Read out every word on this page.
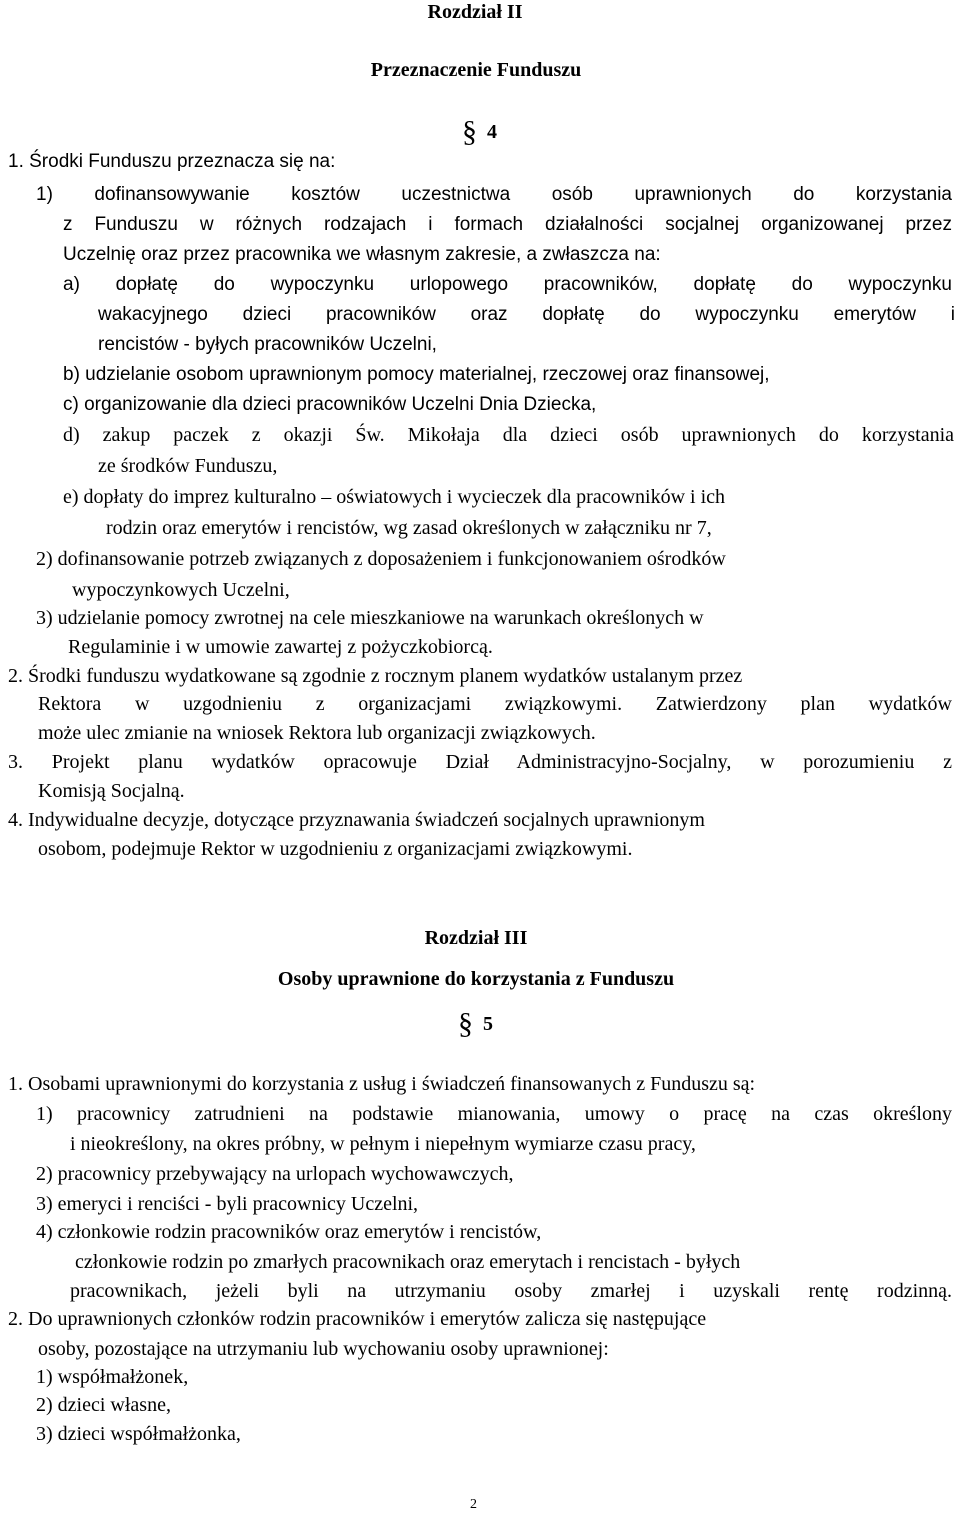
Rozdział II
Przeznaczenie Funduszu
§ 4
1. Środki Funduszu przeznacza się na:
1) dofinansowywanie kosztów uczestnictwa osób uprawnionych do korzystania
z Funduszu w różnych rodzajach i formach działalności socjalnej organizowanej przez
Uczelnię oraz przez pracownika we własnym zakresie, a zwłaszcza na:
a) dopłatę do wypoczynku urlopowego pracowników, dopłatę do wypoczynku
wakacyjnego dzieci pracowników oraz dopłatę do wypoczynku emerytów i
rencistów - byłych pracowników Uczelni,
b) udzielanie osobom uprawnionym pomocy materialnej, rzeczowej oraz finansowej,
c) organizowanie dla dzieci pracowników Uczelni Dnia Dziecka,
d) zakup paczek z okazji Św. Mikołaja dla dzieci osób uprawnionych do korzystania
ze środków Funduszu,
e) dopłaty do imprez kulturalno – oświatowych i wycieczek dla pracowników i ich
rodzin oraz emerytów i rencistów, wg zasad określonych w załączniku nr 7,
2) dofinansowanie potrzeb związanych z doposażeniem i funkcjonowaniem ośrodków
wypoczynkowych Uczelni,
3) udzielanie pomocy zwrotnej na cele mieszkaniowe na warunkach określonych w
Regulaminie i w umowie zawartej z pożyczkobiorcą.
2. Środki funduszu wydatkowane są zgodnie z rocznym planem wydatków ustalanym przez
Rektora w uzgodnieniu z organizacjami związkowymi. Zatwierdzony plan wydatków
może ulec zmianie na wniosek Rektora lub organizacji związkowych.
3. Projekt planu wydatków opracowuje Dział Administracyjno-Socjalny, w porozumieniu z
Komisją Socjalną.
4. Indywidualne decyzje, dotyczące przyznawania świadczeń socjalnych uprawnionym
osobom, podejmuje Rektor w uzgodnieniu z organizacjami związkowymi.
Rozdział III
Osoby uprawnione do korzystania z Funduszu
§ 5
1. Osobami uprawnionymi do korzystania z usług i świadczeń finansowanych z Funduszu są:
1) pracownicy zatrudnieni na podstawie mianowania, umowy o pracę na czas określony
i nieokreślony, na okres próbny, w pełnym i niepełnym wymiarze czasu pracy,
2) pracownicy przebywający na urlopach wychowawczych,
3) emeryci i renciści - byli pracownicy Uczelni,
4) członkowie rodzin pracowników oraz emerytów i rencistów,
członkowie rodzin po zmarłych pracownikach oraz emerytach i rencistach - byłych
pracownikach, jeżeli byli na utrzymaniu osoby zmarłej i uzyskali rentę rodzinną.
2. Do uprawnionych członków rodzin pracowników i emerytów zalicza się następujące
osoby, pozostające na utrzymaniu lub wychowaniu osoby uprawnionej:
1) współmałżonek,
2) dzieci własne,
3) dzieci współmałżonka,
2
